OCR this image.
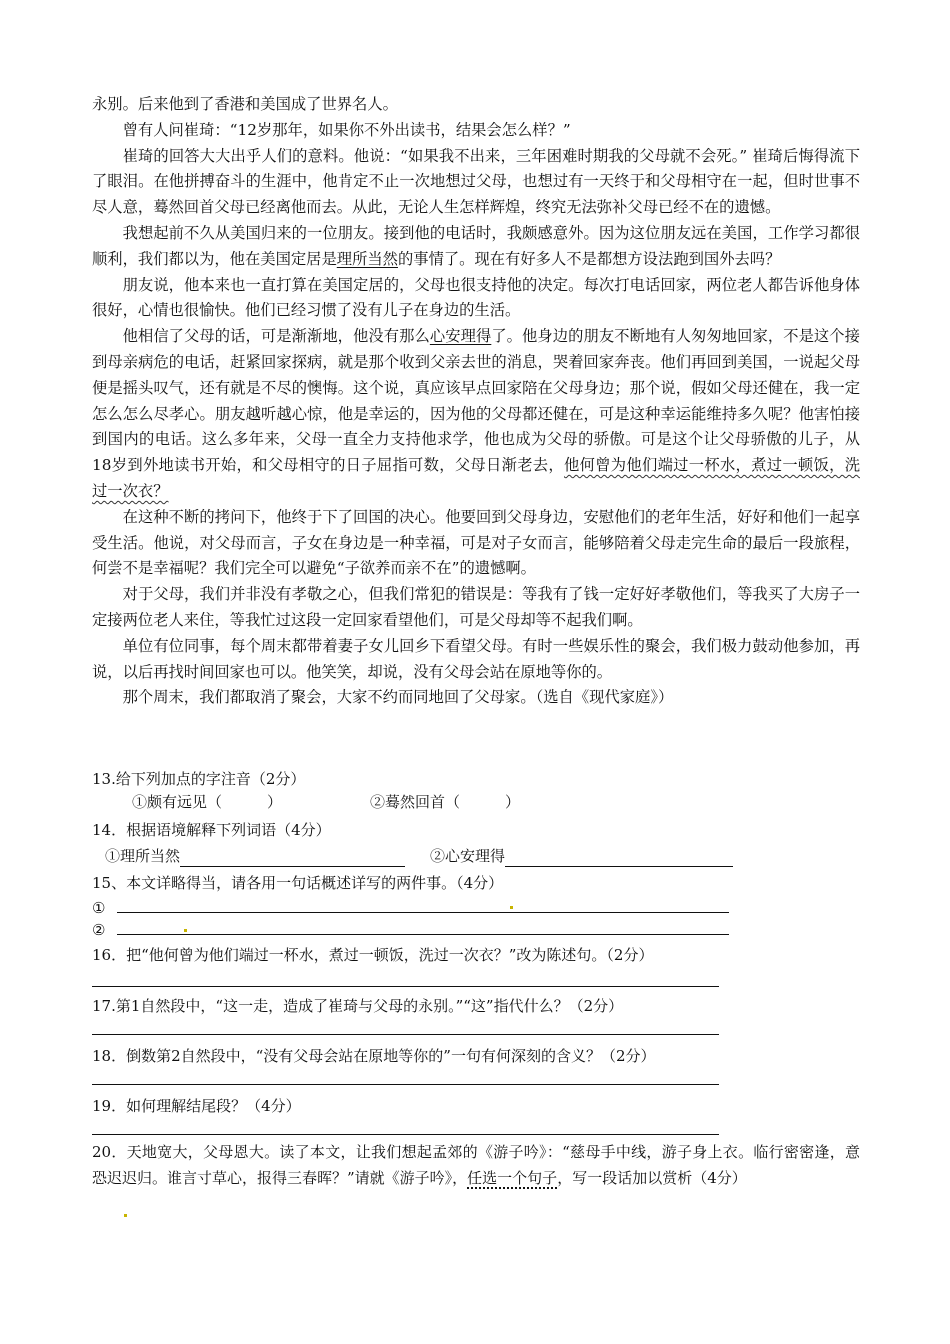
永别。后来他到了香港和美国成了世界名人。

曾有人问崔琦：“12岁那年，如果你不外出读书，结果会怎么样？”

崔琦的回答大大出乎人们的意料。他说：“如果我不出来，三年困难时期我的父母就不会死。” 崔琦后悔得流下了眼泪。在他拼搏奋斗的生涯中，他肯定不止一次地想过父母，也想过有一天终于和父母相守在一起，但时世事不尽人意，蓦然回首父母已经离他而去。从此，无论人生怎样辉煌，终究无法弥补父母已经不在的遗憾。

我想起前不久从美国归来的一位朋友。接到他的电话时，我颇感意外。因为这位朋友远在美国，工作学习都很顺利，我们都以为，他在美国定居是理所当然的事情了。现在有好多人不是都想方设法跑到国外去吗？

朋友说，他本来也一直打算在美国定居的，父母也很支持他的决定。每次打电话回家，两位老人都告诉他身体很好，心情也很愉快。他们已经习惯了没有儿子在身边的生活。

他相信了父母的话，可是渐渐地，他没有那么心安理得了。他身边的朋友不断地有人匆匆地回家，不是这个接到母亲病危的电话，赶紧回家探病，就是那个收到父亲去世的消息，哭着回家奔丧。他们再回到美国，一说起父母便是摇头叹气，还有就是不尽的懊悔。这个说，真应该早点回家陪在父母身边；那个说，假如父母还健在，我一定怎么怎么尽孝心。朋友越听越心惊，他是幸运的，因为他的父母都还健在，可是这种幸运能维持多久呢？他害怕接到国内的电话。这么多年来，父母一直全力支持他求学，他也成为父母的骄傲。可是这个让父母骄傲的儿子，从18岁到外地读书开始，和父母相守的日子屈指可数，父母日渐老去，他何曾为他们端过一杯水，煮过一顿饭，洗过一次衣？

在这种不断的拷问下，他终于下了回国的决心。他要回到父母身边，安慰他们的老年生活，好好和他们一起享受生活。他说，对父母而言，子女在身边是一种幸福，可是对子女而言，能够陪着父母走完生命的最后一段旅程，何尝不是幸福呢？我们完全可以避免“子欲养而亲不在”的遗憾啊。

对于父母，我们并非没有孝敬之心，但我们常犯的错误是：等我有了钱一定好好孝敬他们，等我买了大房子一定接两位老人来住，等我忙过这段一定回家看望他们，可是父母却等不起我们啊。

单位有位同事，每个周末都带着妻子女儿回乡下看望父母。有时一些娱乐性的聚会，我们极力鼓动他参加，再说，以后再找时间回家也可以。他笑笑，却说，没有父母会站在原地等你的。

那个周末，我们都取消了聚会，大家不约而同地回了父母家。（选自《现代家庭》）

13.给下列加点的字注音（2分）
①颇有远见（　　　）	②蓦然回首（　　　）
14．根据语境解释下列词语（4分）
①理所当然	②心安理得
15、本文详略得当，请各用一句话概述详写的两件事。（4分）
①
②
16．把“他何曾为他们端过一杯水，煮过一顿饭，洗过一次衣？”改为陈述句。（2分）
17.第1自然段中，“这一走，造成了崔琦与父母的永别。”“这”指代什么？（2分）
18．倒数第2自然段中，“没有父母会站在原地等你的”一句有何深刻的含义？（2分）
19．如何理解结尾段？（4分）
20．天地宽大，父母恩大。读了本文，让我们想起孟郊的《游子吟》：“慈母手中线，游子身上衣。临行密密逢，意恐迟迟归。谁言寸草心，报得三春晖？”请就《游子吟》，任选一个句子，写一段话加以赏析（4分）
